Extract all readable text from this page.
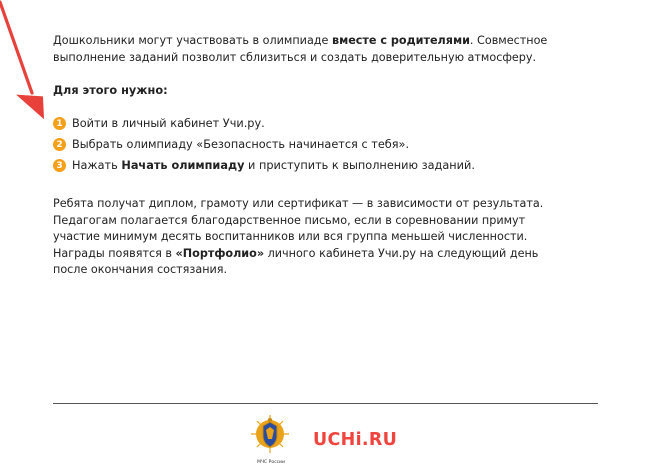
Дошкольники могут участвовать в олимпиаде вместе с родителями. Совместное выполнение заданий позволит сблизиться и создать доверительную атмосферу.

Для этого нужно:

1 Войти в личный кабинет Учи.ру.
2 Выбрать олимпиаду «Безопасность начинается с тебя».
3 Нажать Начать олимпиаду и приступить к выполнению заданий.

Ребята получат диплом, грамоту или сертификат — в зависимости от результата.
Педагогам полагается благодарственное письмо, если в соревновании примут
участие минимум десять воспитанников или вся группа меньшей численности.
Награды появятся в «Портфолио» личного кабинета Учи.ру на следующий день
после окончания состязания.

МЧС России
UCHi.RU
